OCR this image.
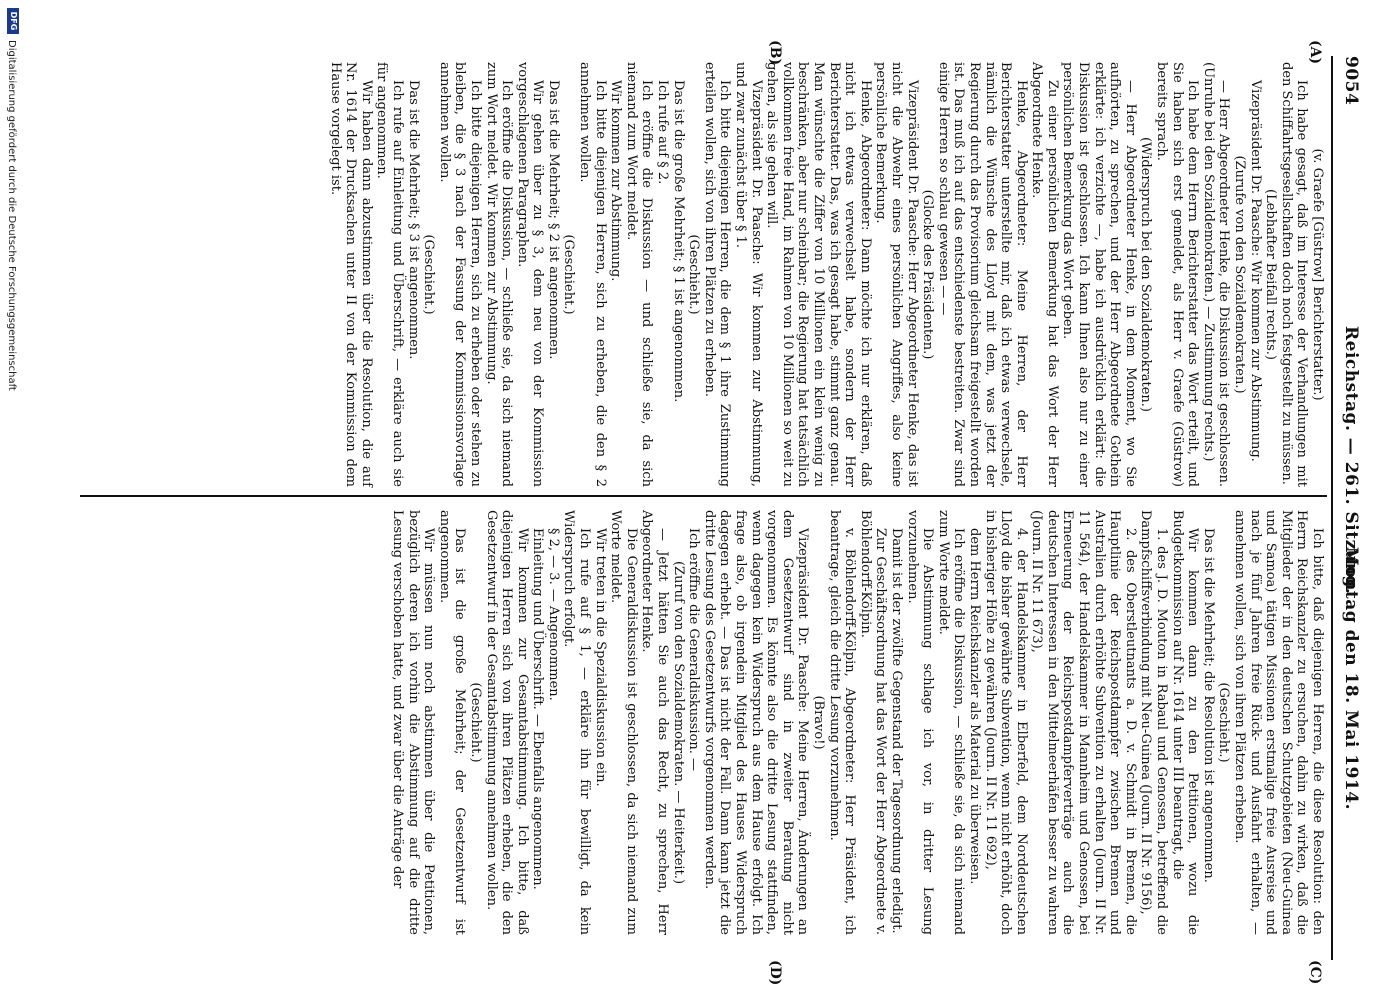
9054
Reichstag. — 261. Sitzung.
Montag den 18. Mai 1914.
(A)
(B)
(C)
(D)

(v. Graefe [Güstrow] Berichterstatter.)

Ich habe gesagt, daß im Interesse der Verhandlungen mit den Schiffahrtsgesellschaften doch noch festgestellt zu müssen.

(Lebhafter Beifall rechts.)

Vizepräsident Dr. Paasche: Wir kommen zur Abstimmung.

(Zurufe von den Sozialdemokraten.)

— Herr Abgeordneter Henke, die Diskussion ist geschlossen. (Unruhe bei den Sozialdemokraten.) — Zustimmung rechts.)

Ich habe dem Herrn Berichterstatter das Wort erteilt, und Sie haben sich erst gemeldet, als Herr v. Graefe (Güstrow) bereits sprach.

(Widerspruch bei den Sozialdemokraten.)

— Herr Abgeordneter Henke, in dem Moment, wo Sie aufhörten, zu sprechen, und der Herr Abgeordnete Gothein erklärte: ich verzichte —, habe ich ausdrücklich erklärt: die Diskussion ist geschlossen. Ich kann Ihnen also nur zu einer persönlichen Bemerkung das Wort geben.

Zu einer persönlichen Bemerkung hat das Wort der Herr Abgeordnete Henke.

Henke, Abgeordneter: Meine Herren, der Herr Berichterstatter unterstellte mir, daß ich etwas verwechsele, nämlich die Wünsche des Lloyd mit dem, was jetzt der Regierung durch das Provisorium gleichsam freigestellt worden ist. Das muß ich auf das entschiedenste bestreiten. Zwar sind einige Herren so schlau gewesen — —

(Glocke des Präsidenten.)

Vizepräsident Dr. Paasche: Herr Abgeordneter Henke, das ist nicht die Abwehr eines persönlichen Angriffes, also keine persönliche Bemerkung.

Henke, Abgeordneter: Dann möchte ich nur erklären, daß nicht ich etwas verwechselt habe, sondern der Herr Berichterstatter. Das, was ich gesagt habe, stimmt ganz genau. Man wünschte die Ziffer von 10 Millionen ein klein wenig zu beschränken, aber nur scheinbar; die Regierung hat tatsächlich vollkommen freie Hand, im Rahmen von 10 Millionen so weit zu gehen, als sie gehen will.

Vizepräsident Dr. Paasche: Wir kommen zur Abstimmung, und zwar zunächst über § 1.

Ich bitte diejenigen Herren, die dem § 1 ihre Zustimmung erteilen wollen, sich von ihren Plätzen zu erheben.

(Geschieht.)

Das ist die große Mehrheit; § 1 ist angenommen.

Ich rufe auf § 2.

Ich eröffne die Diskussion — und schließe sie, da sich niemand zum Wort meldet.

Wir kommen zur Abstimmung.

Ich bitte diejenigen Herren, sich zu erheben, die den § 2 annehmen wollen.

(Geschieht.)

Das ist die Mehrheit; § 2 ist angenommen.

Wir gehen über zu § 3, dem neu von der Kommission vorgeschlagenen Paragraphen.

Ich eröffne die Diskussion, — schließe sie, da sich niemand zum Wort meldet. Wir kommen zur Abstimmung.

Ich bitte diejenigen Herren, sich zu erheben oder stehen zu bleiben, die § 3 nach der Fassung der Kommissionsvorlage annehmen wollen.

(Geschieht.)

Das ist die Mehrheit; § 3 ist angenommen.

Ich rufe auf Einleitung und Überschrift, — erkläre auch sie für angenommen.

Wir haben dann abzustimmen über die Resolution, die auf Nr. 1614 der Drucksachen unter II von der Kommission dem Hause vorgelegt ist.

Ich bitte, daß diejenigen Herren, die diese Resolution: den Herrn Reichskanzler zu ersuchen, dahin zu wirken, daß die Mitglieder der in den deutschen Schutzgebieten (Neu-Guinea und Samoa) tätigen Missionen erstmalige freie Ausreise und nach je fünf Jahren freie Rück- und Ausfahrt erhalten, — annehmen wollen, sich von ihren Plätzen erheben.

(Geschieht.)

Das ist die Mehrheit; die Resolution ist angenommen.

Wir kommen dann zu den Petitionen, wozu die Budgetkommission auf Nr. 1614 unter III beantragt, die

1. des J. D. Mouton in Rabaul und Genossen, betreffend die Dampfschiffsverbindung mit Neu-Guinea (Journ. II Nr. 9156),

2. des Oberstleutnants a. D. v. Schmidt in Bremen, die Hauptlinie der Reichspostdampfer zwischen Bremen und Australien durch erhöhte Subvention zu erhalten (Journ. II Nr. 11 564), der Handelskammer in Mannheim und Genossen, bei Erneuerung der Reichspostdampferverträge auch die deutschen Interessen in den Mittelmeerhäfen besser zu wahren (Journ. II Nr. 11 673),

4. der Handelskammer in Elberfeld, dem Norddeutschen Lloyd die bisher gewährte Subvention, wenn nicht erhöht, doch in bisheriger Höhe zu gewähren (Journ. II Nr. 11 692),

dem Herrn Reichskanzler als Material zu überweisen.

Ich eröffne die Diskussion, — schließe sie, da sich niemand zum Worte meldet.

Die Abstimmung schlage ich vor, in dritter Lesung vorzunehmen.

Damit ist der zwölfte Gegenstand der Tagesordnung erledigt.

Zur Geschäftsordnung hat das Wort der Herr Abgeordnete v. Böhlendorff-Kölpin.

v. Böhlendorff-Kölpin, Abgeordneter: Herr Präsident, ich beantrage, gleich die dritte Lesung vorzunehmen.

(Bravo!)

Vizepräsident Dr. Paasche: Meine Herren, Änderungen an dem Gesetzentwurf sind in zweiter Beratung nicht vorgenommen. Es könnte also die dritte Lesung stattfinden, wenn dagegen kein Widerspruch aus dem Hause erfolgt. Ich frage also, ob irgendein Mitglied des Hauses Widerspruch dagegen erhebt. — Das ist nicht der Fall. Dann kann jetzt die dritte Lesung des Gesetzentwurfs vorgenommen werden.

Ich eröffne die Generaldiskussion. —

(Zuruf von den Sozialdemokraten. — Heiterkeit.)

— Jetzt hätten Sie auch das Recht, zu sprechen, Herr Abgeordneter Henke.

Die Generaldiskussion ist geschlossen, da sich niemand zum Worte meldet.

Wir treten in die Spezialdiskussion ein.

Ich rufe auf § 1, — erkläre ihn für bewilligt, da kein Widerspruch erfolgt.

§ 2, — 3. — Angenommen.

Einleitung und Überschrift. — Ebenfalls angenommen.

Wir kommen zur Gesamtabstimmung. Ich bitte, daß diejenigen Herren sich von ihren Plätzen erheben, die den Gesetzentwurf in der Gesamtabstimmung annehmen wollen.

(Geschieht.)

Das ist die große Mehrheit; der Gesetzentwurf ist angenommen.

Wir müssen nun noch abstimmen über die Petitionen, bezüglich deren ich vorhin die Abstimmung auf die dritte Lesung verschoben hatte, und zwar über die Anträge der

DFG
Digitalisierung gefördert durch die Deutsche Forschungsgemeinschaft
